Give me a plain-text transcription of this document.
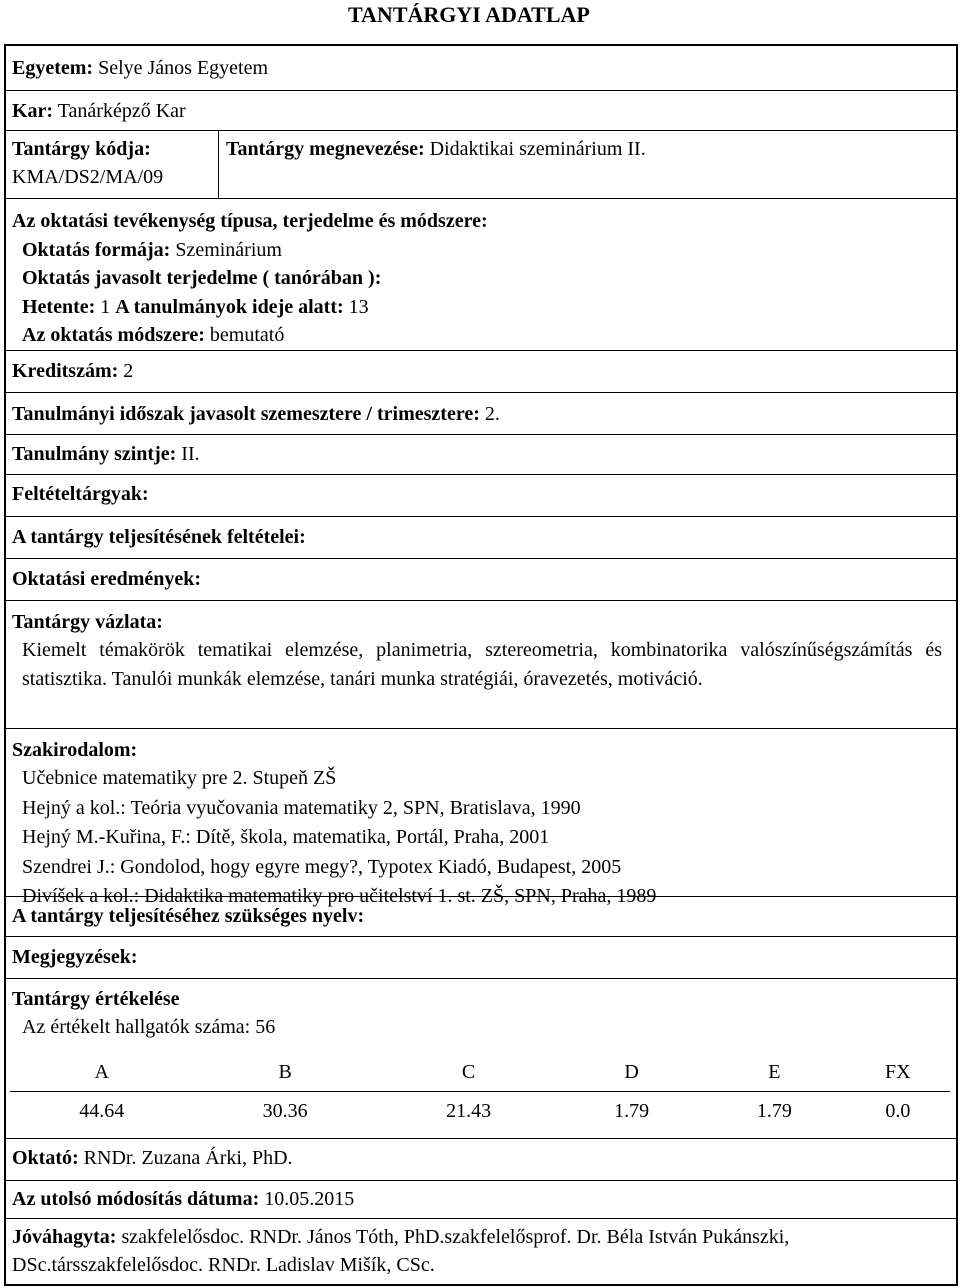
TANTÁRGYI ADATLAP
Egyetem: Selye János Egyetem
Kar: Tanárképző Kar
Tantárgy kódja:
KMA/DS2/MA/09
Tantárgy megnevezése: Didaktikai szeminárium II.
Az oktatási tevékenység típusa, terjedelme és módszere:
Oktatás formája: Szeminárium
Oktatás javasolt terjedelme ( tanórában ):
Hetente: 1 A tanulmányok ideje alatt: 13
Az oktatás módszere: bemutató
Kreditszám: 2
Tanulmányi időszak javasolt szemesztere / trimesztere: 2.
Tanulmány szintje: II.
Feltételtárgyak:
A tantárgy teljesítésének feltételei:
Oktatási eredmények:
Tantárgy vázlata:
Kiemelt témakörök tematikai elemzése, planimetria, sztereometria, kombinatorika valószínűségszámítás és statisztika. Tanulói munkák elemzése, tanári munka stratégiái, óravezetés, motiváció.
Szakirodalom:
Učebnice matematiky pre 2. Stupeň ZŠ
Hejný a kol.: Teória vyučovania matematiky 2, SPN, Bratislava, 1990
Hejný M.-Kuřina, F.: Dítě, škola, matematika, Portál, Praha, 2001
Szendrei J.: Gondolod, hogy egyre megy?, Typotex Kiadó, Budapest, 2005
Divíšek a kol.: Didaktika matematiky pro učitelství 1. st. ZŠ, SPN, Praha, 1989
A tantárgy teljesítéséhez szükséges nyelv:
Megjegyzések:
Tantárgy értékelése
Az értékelt hallgatók száma: 56
A	B	C	D	E	FX
44.64	30.36	21.43	1.79	1.79	0.0
Oktató: RNDr. Zuzana Árki, PhD.
Az utolsó módosítás dátuma: 10.05.2015
Jóváhagyta: szakfelelősdoc. RNDr. János Tóth, PhD.szakfelelősprof. Dr. Béla István Pukánszki, DSc.társszakfelelősdoc. RNDr. Ladislav Mišík, CSc.
